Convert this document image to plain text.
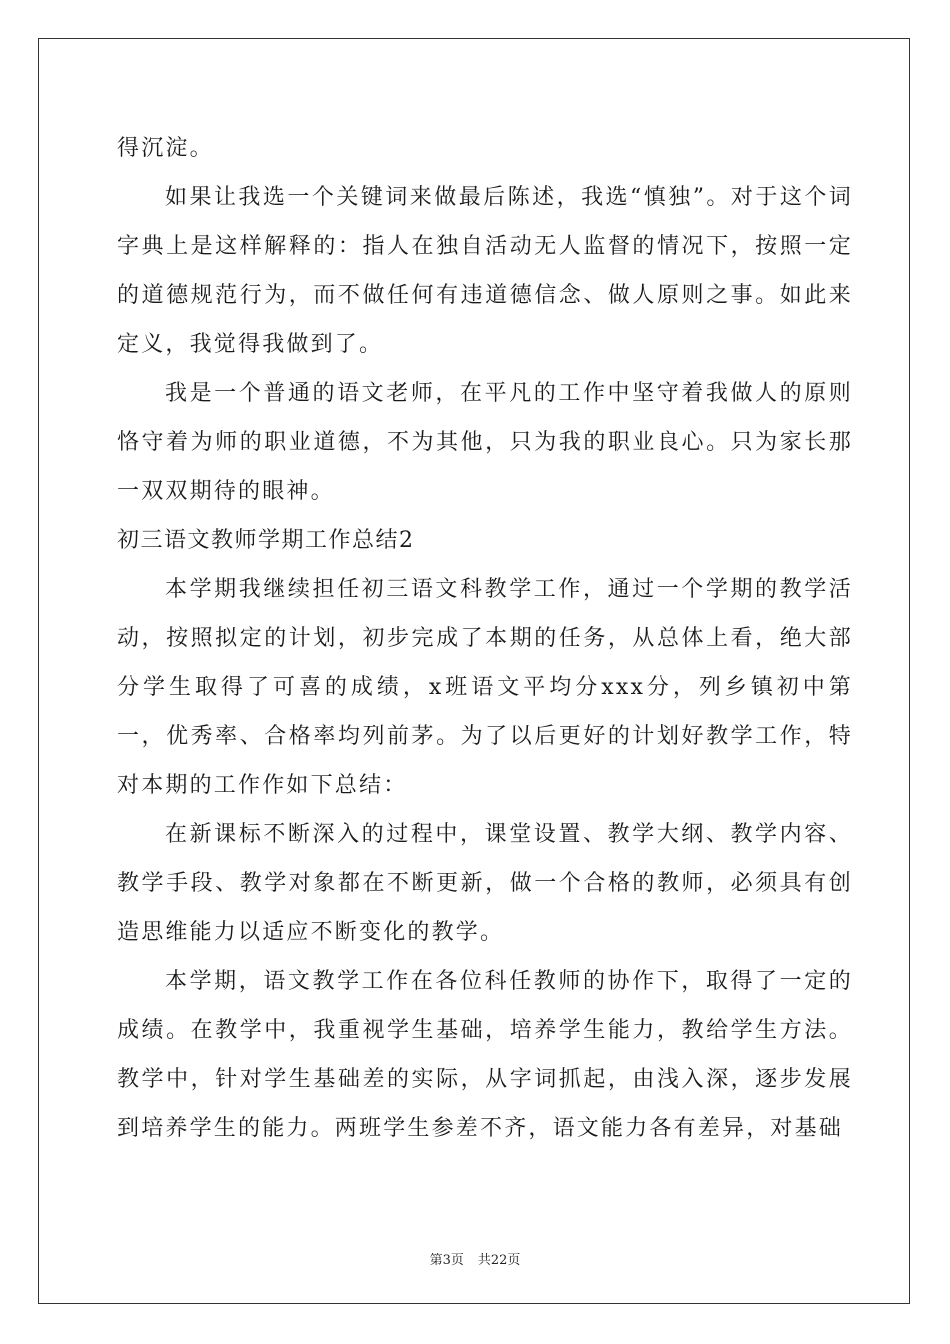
得沉淀。

如果让我选一个关键词来做最后陈述，我选“慎独”。对于这个词字典上是这样解释的：指人在独自活动无人监督的情况下，按照一定的道德规范行为，而不做任何有违道德信念、做人原则之事。如此来定义，我觉得我做到了。

我是一个普通的语文老师，在平凡的工作中坚守着我做人的原则恪守着为师的职业道德，不为其他，只为我的职业良心。只为家长那一双双期待的眼神。

初三语文教师学期工作总结2

本学期我继续担任初三语文科教学工作，通过一个学期的教学活动，按照拟定的计划，初步完成了本期的任务，从总体上看，绝大部分学生取得了可喜的成绩，x班语文平均分xxx分，列乡镇初中第一，优秀率、合格率均列前茅。为了以后更好的计划好教学工作，特对本期的工作作如下总结：

在新课标不断深入的过程中，课堂设置、教学大纲、教学内容、教学手段、教学对象都在不断更新，做一个合格的教师，必须具有创造思维能力以适应不断变化的教学。

本学期，语文教学工作在各位科任教师的协作下，取得了一定的成绩。在教学中，我重视学生基础，培养学生能力，教给学生方法。教学中，针对学生基础差的实际，从字词抓起，由浅入深，逐步发展到培养学生的能力。两班学生参差不齐，语文能力各有差异，对基础

第3页 共22页
